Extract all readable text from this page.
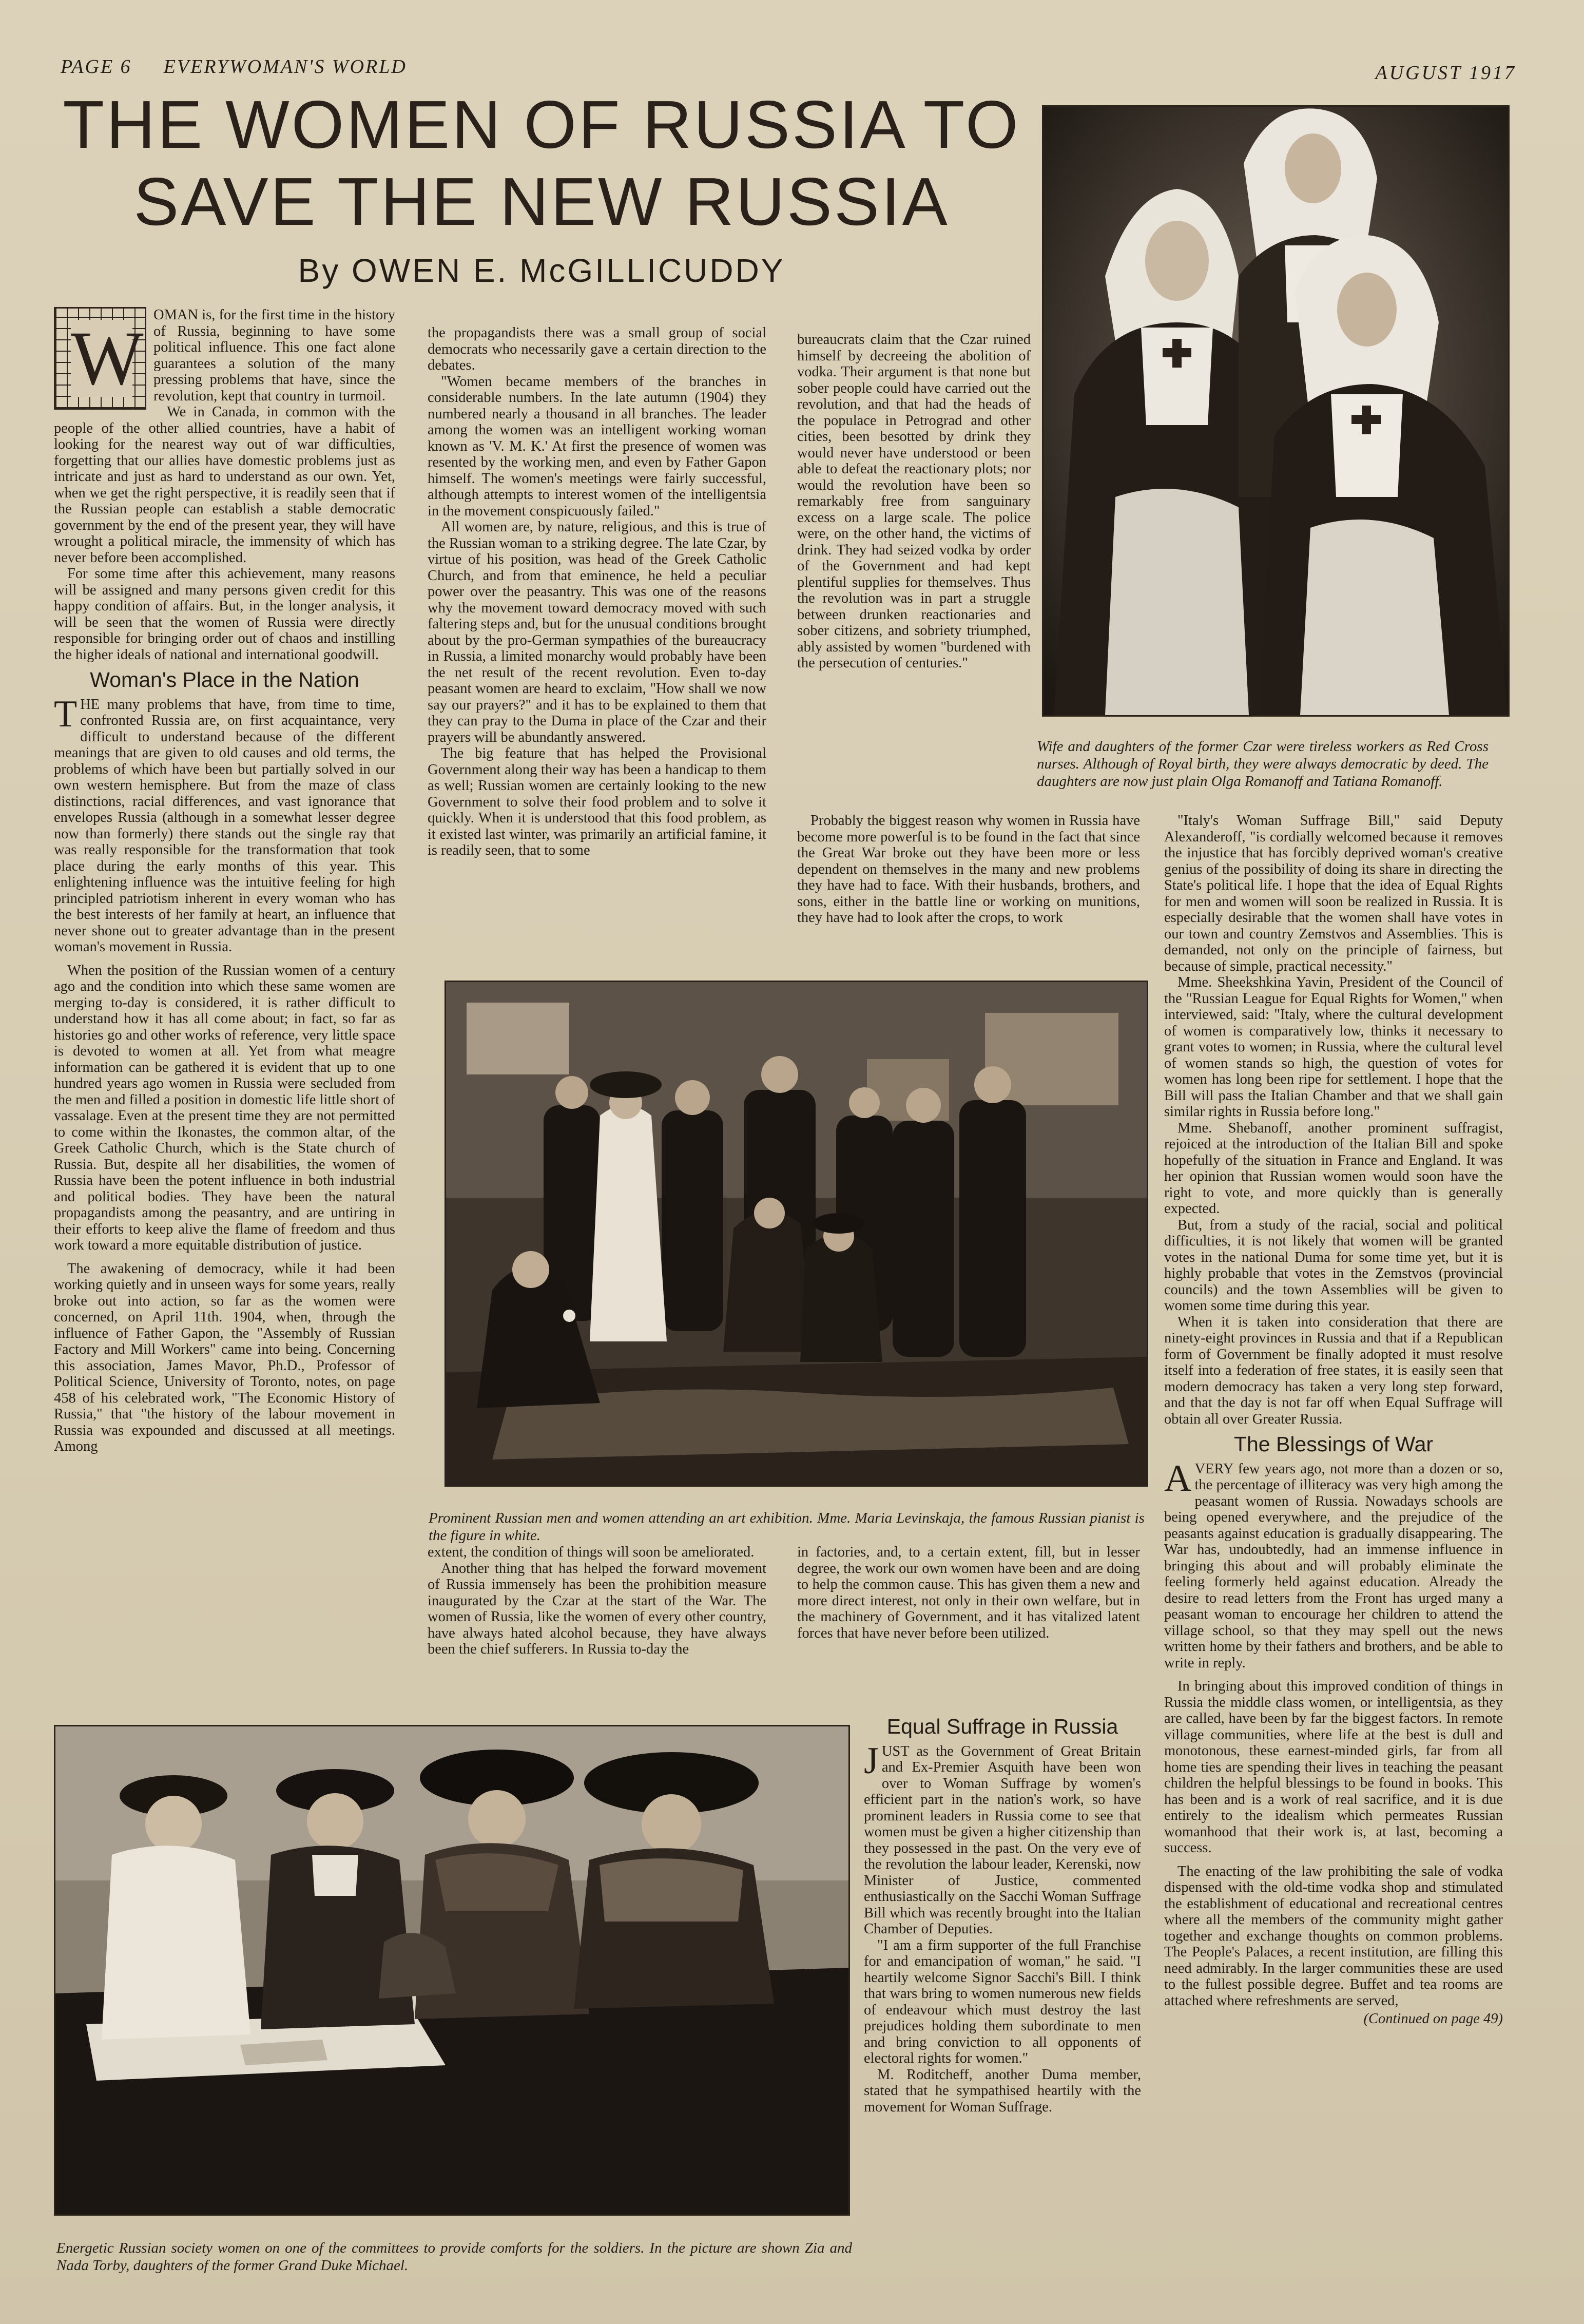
PAGE 6 EVERYWOMAN'S WORLD	AUGUST 1917
THE WOMEN OF RUSSIA TO
SAVE THE NEW RUSSIA
By OWEN E. McGILLICUDDY
Wife and daughters of the former Czar were tireless workers as Red Cross nurses. Although of Royal birth, they were always democratic by deed. The daughters are now just plain Olga Romanoff and Tatiana Romanoff.
W

OMAN is, for the first time in the history of Russia, beginning to have some political influence. This one fact alone guarantees a solution of the many pressing problems that have, since the revolution, kept that country in turmoil.

We in Canada, in common with the people of the other allied countries, have a habit of looking for the nearest way out of war difficulties, forgetting that our allies have domestic problems just as intricate and just as hard to understand as our own. Yet, when we get the right perspective, it is readily seen that if the Russian people can establish a stable democratic government by the end of the present year, they will have wrought a political miracle, the immensity of which has never before been accomplished.

For some time after this achievement, many reasons will be assigned and many persons given credit for this happy condition of affairs. But, in the longer analysis, it will be seen that the women of Russia were directly responsible for bringing order out of chaos and instilling the higher ideals of national and international goodwill.

Woman's Place in the Nation

THE many problems that have, from time to time, confronted Russia are, on first acquaintance, very difficult to understand because of the different meanings that are given to old causes and old terms, the problems of which have been but partially solved in our own western hemisphere. But from the maze of class distinctions, racial differences, and vast ignorance that envelopes Russia (although in a somewhat lesser degree now than formerly) there stands out the single ray that was really responsible for the transformation that took place during the early months of this year. This enlightening influence was the intuitive feeling for high principled patriotism inherent in every woman who has the best interests of her family at heart, an influence that never shone out to greater advantage than in the present woman's movement in Russia.

When the position of the Russian women of a century ago and the condition into which these same women are merging to-day is considered, it is rather difficult to understand how it has all come about; in fact, so far as histories go and other works of reference, very little space is devoted to women at all. Yet from what meagre information can be gathered it is evident that up to one hundred years ago women in Russia were secluded from the men and filled a position in domestic life little short of vassalage. Even at the present time they are not permitted to come within the Ikonastes, the common altar, of the Greek Catholic Church, which is the State church of Russia. But, despite all her disabilities, the women of Russia have been the potent influence in both industrial and political bodies. They have been the natural propagandists among the peasantry, and are untiring in their efforts to keep alive the flame of freedom and thus work toward a more equitable distribution of justice.

The awakening of democracy, while it had been working quietly and in unseen ways for some years, really broke out into action, so far as the women were concerned, on April 11th. 1904, when, through the influence of Father Gapon, the "Assembly of Russian Factory and Mill Workers" came into being. Concerning this association, James Mavor, Ph.D., Professor of Political Science, University of Toronto, notes, on page 458 of his celebrated work, "The Economic History of Russia," that "the history of the labour movement in Russia was expounded and discussed at all meetings. Among

the propagandists there was a small group of social democrats who necessarily gave a certain direction to the debates.

"Women became members of the branches in considerable numbers. In the late autumn (1904) they numbered nearly a thousand in all branches. The leader among the women was an intelligent working woman known as 'V. M. K.' At first the presence of women was resented by the working men, and even by Father Gapon himself. The women's meetings were fairly successful, although attempts to interest women of the intelligentsia in the movement conspicuously failed."

All women are, by nature, religious, and this is true of the Russian woman to a striking degree. The late Czar, by virtue of his position, was head of the Greek Catholic Church, and from that eminence, he held a peculiar power over the peasantry. This was one of the reasons why the movement toward democracy moved with such faltering steps and, but for the unusual conditions brought about by the pro-German sympathies of the bureaucracy in Russia, a limited monarchy would probably have been the net result of the recent revolution. Even to-day peasant women are heard to exclaim, "How shall we now say our prayers?" and it has to be explained to them that they can pray to the Duma in place of the Czar and their prayers will be abundantly answered.

The big feature that has helped the Provisional Government along their way has been a handicap to them as well; Russian women are certainly looking to the new Government to solve their food problem and to solve it quickly. When it is understood that this food problem, as it existed last winter, was primarily an artificial famine, it is readily seen, that to some

bureaucrats claim that the Czar ruined himself by decreeing the abolition of vodka. Their argument is that none but sober people could have carried out the revolution, and that had the heads of the populace in Petrograd and other cities, been besotted by drink they would never have understood or been able to defeat the reactionary plots; nor would the revolution have been so remarkably free from sanguinary excess on a large scale. The police were, on the other hand, the victims of drink. They had seized vodka by order of the Government and had kept plentiful supplies for themselves. Thus the revolution was in part a struggle between drunken reactionaries and sober citizens, and sobriety triumphed, ably assisted by women "burdened with the persecution of centuries."

Probably the biggest reason why women in Russia have become more powerful is to be found in the fact that since the Great War broke out they have been more or less dependent on themselves in the many and new problems they have had to face. With their husbands, brothers, and sons, either in the battle line or working on munitions, they have had to look after the crops, to work

Prominent Russian men and women attending an art exhibition. Mme. Maria Levinskaja, the famous Russian pianist is the figure in white.

"Italy's Woman Suffrage Bill," said Deputy Alexanderoff, "is cordially welcomed because it removes the injustice that has forcibly deprived woman's creative genius of the possibility of doing its share in directing the State's political life. I hope that the idea of Equal Rights for men and women will soon be realized in Russia. It is especially desirable that the women shall have votes in our town and country Zemstvos and Assemblies. This is demanded, not only on the principle of fairness, but because of simple, practical necessity."

Mme. Sheekshkina Yavin, President of the Council of the "Russian League for Equal Rights for Women," when interviewed, said: "Italy, where the cultural development of women is comparatively low, thinks it necessary to grant votes to women; in Russia, where the cultural level of women stands so high, the question of votes for women has long been ripe for settlement. I hope that the Bill will pass the Italian Chamber and that we shall gain similar rights in Russia before long."

Mme. Shebanoff, another prominent suffragist, rejoiced at the introduction of the Italian Bill and spoke hopefully of the situation in France and England. It was her opinion that Russian women would soon have the right to vote, and more quickly than is generally expected.

But, from a study of the racial, social and political difficulties, it is not likely that women will be granted votes in the national Duma for some time yet, but it is highly probable that votes in the Zemstvos (provincial councils) and the town Assemblies will be given to women some time during this year.

When it is taken into consideration that there are ninety-eight provinces in Russia and that if a Republican form of Government be finally adopted it must resolve itself into a federation of free states, it is easily seen that modern democracy has taken a very long step forward, and that the day is not far off when Equal Suffrage will obtain all over Greater Russia.

The Blessings of War

AVERY few years ago, not more than a dozen or so, the percentage of illiteracy was very high among the peasant women of Russia. Nowadays schools are being opened everywhere, and the prejudice of the peasants against education is gradually disappearing. The War has, undoubtedly, had an immense influence in bringing this about and will probably eliminate the feeling formerly held against education. Already the desire to read letters from the Front has urged many a peasant woman to encourage her children to attend the village school, so that they may spell out the news written home by their fathers and brothers, and be able to write in reply.

In bringing about this improved condition of things in Russia the middle class women, or intelligentsia, as they are called, have been by far the biggest factors. In remote village communities, where life at the best is dull and monotonous, these earnest-minded girls, far from all home ties are spending their lives in teaching the peasant children the helpful blessings to be found in books. This has been and is a work of real sacrifice, and it is due entirely to the idealism which permeates Russian womanhood that their work is, at last, becoming a success.

The enacting of the law prohibiting the sale of vodka dispensed with the old-time vodka shop and stimulated the establishment of educational and recreational centres where all the members of the community might gather together and exchange thoughts on common problems. The People's Palaces, a recent institution, are filling this need admirably. In the larger communities these are used to the fullest possible degree. Buffet and tea rooms are attached where refreshments are served,

(Continued on page 49)

extent, the condition of things will soon be ameliorated.

Another thing that has helped the forward movement of Russia immensely has been the prohibition measure inaugurated by the Czar at the start of the War. The women of Russia, like the women of every other country, have always hated alcohol because, they have always been the chief sufferers. In Russia to-day the

in factories, and, to a certain extent, fill, but in lesser degree, the work our own women have been and are doing to help the common cause. This has given them a new and more direct interest, not only in their own welfare, but in the machinery of Government, and it has vitalized latent forces that have never before been utilized.

Equal Suffrage in Russia

JUST as the Government of Great Britain and Ex-Premier Asquith have been won over to Woman Suffrage by women's efficient part in the nation's work, so have prominent leaders in Russia come to see that women must be given a higher citizenship than they possessed in the past. On the very eve of the revolution the labour leader, Kerenski, now Minister of Justice, commented enthusiastically on the Sacchi Woman Suffrage Bill which was recently brought into the Italian Chamber of Deputies.

"I am a firm supporter of the full Franchise for and emancipation of woman," he said. "I heartily welcome Signor Sacchi's Bill. I think that wars bring to women numerous new fields of endeavour which must destroy the last prejudices holding them subordinate to men and bring conviction to all opponents of electoral rights for women."

M. Roditcheff, another Duma member, stated that he sympathised heartily with the movement for Woman Suffrage.

Energetic Russian society women on one of the committees to provide comforts for the soldiers. In the picture are shown Zia and Nada Torby, daughters of the former Grand Duke Michael.
